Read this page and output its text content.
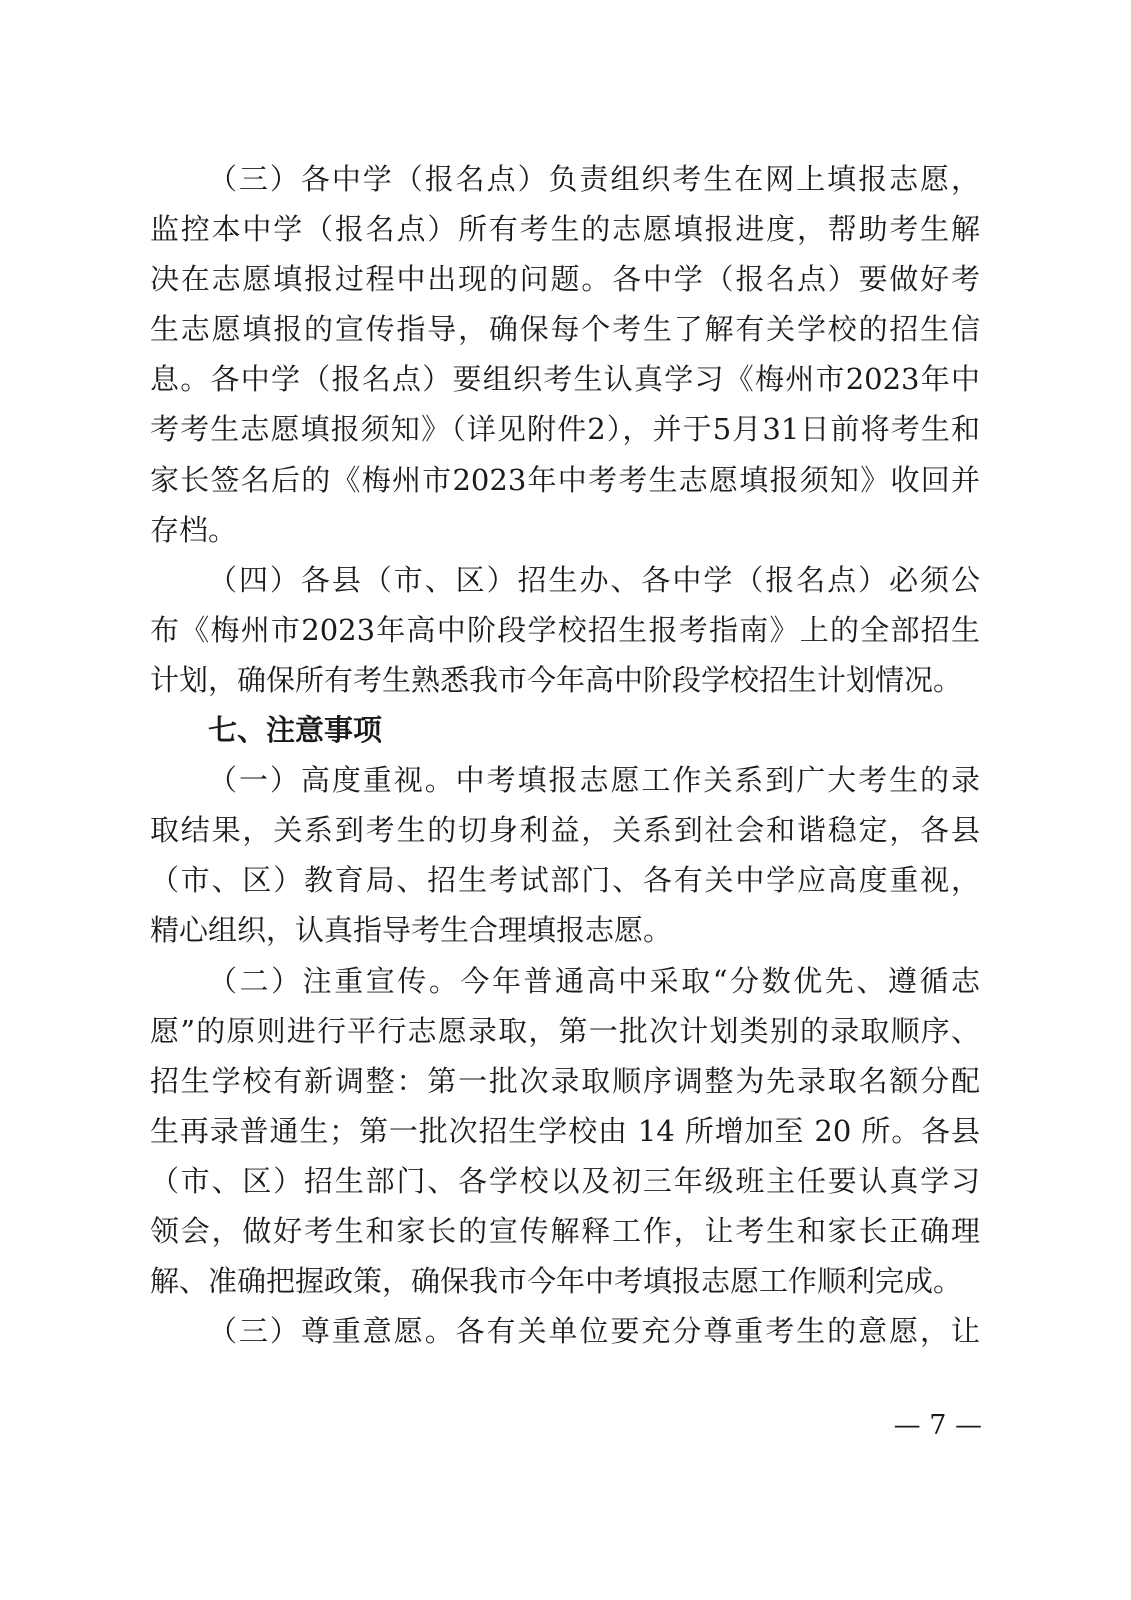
（三）各中学（报名点）负责组织考生在网上填报志愿，
监控本中学（报名点）所有考生的志愿填报进度，帮助考生解
决在志愿填报过程中出现的问题。各中学（报名点）要做好考
生志愿填报的宣传指导，确保每个考生了解有关学校的招生信
息。各中学（报名点）要组织考生认真学习《梅州市2023年中
考考生志愿填报须知》（详见附件2），并于5月31日前将考生和
家长签名后的《梅州市2023年中考考生志愿填报须知》收回并
存档。
（四）各县（市、区）招生办、各中学（报名点）必须公
布《梅州市2023年高中阶段学校招生报考指南》上的全部招生
计划，确保所有考生熟悉我市今年高中阶段学校招生计划情况。
七、注意事项
（一）高度重视。中考填报志愿工作关系到广大考生的录
取结果，关系到考生的切身利益，关系到社会和谐稳定，各县
（市、区）教育局、招生考试部门、各有关中学应高度重视，
精心组织，认真指导考生合理填报志愿。
（二）注重宣传。今年普通高中采取“分数优先、遵循志
愿”的原则进行平行志愿录取，第一批次计划类别的录取顺序、
招生学校有新调整：第一批次录取顺序调整为先录取名额分配
生再录普通生；第一批次招生学校由 14 所增加至 20 所。各县
（市、区）招生部门、各学校以及初三年级班主任要认真学习
领会，做好考生和家长的宣传解释工作，让考生和家长正确理
解、准确把握政策，确保我市今年中考填报志愿工作顺利完成。
（三）尊重意愿。各有关单位要充分尊重考生的意愿，让
— 7 —
